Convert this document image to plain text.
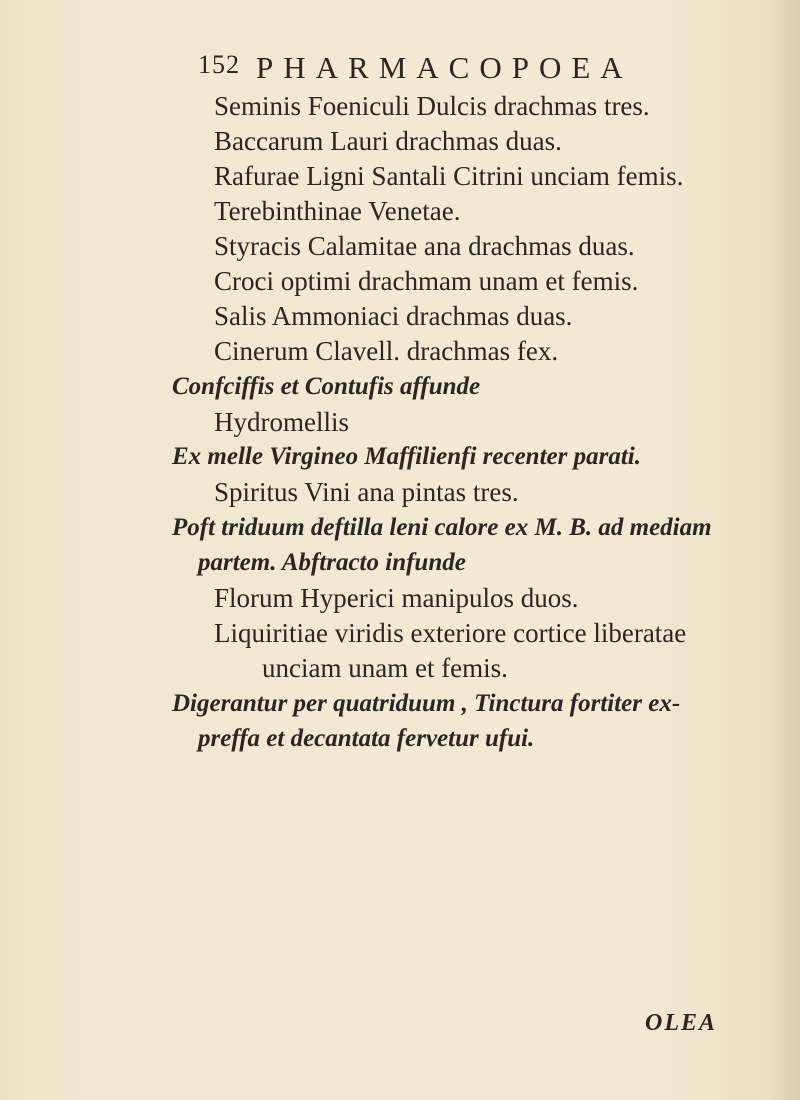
152 PHARMACOPOEA
Seminis Foeniculi Dulcis drachmas tres.
Baccarum Lauri drachmas duas.
Rafurae Ligni Santali Citrini unciam femis.
Terebinthinae Venetae.
Styracis Calamitae ana drachmas duas.
Croci optimi drachmam unam et femis.
Salis Ammoniaci drachmas duas.
Cinerum Clavell. drachmas fex.
Confciffis et Contufis affunde
Hydromellis
Ex melle Virgineo Maffilienfi recenter parati.
Spiritus Vini ana pintas tres.
Poft triduum deftilla leni calore ex M. B. ad mediam
partem. Abftracto infunde
Florum Hyperici manipulos duos.
Liquiritiae viridis exteriore cortice liberatae
unciam unam et femis.
Digerantur per quatriduum , Tinctura fortiter ex-
preffa et decantata fervetur ufui.
OLEA
